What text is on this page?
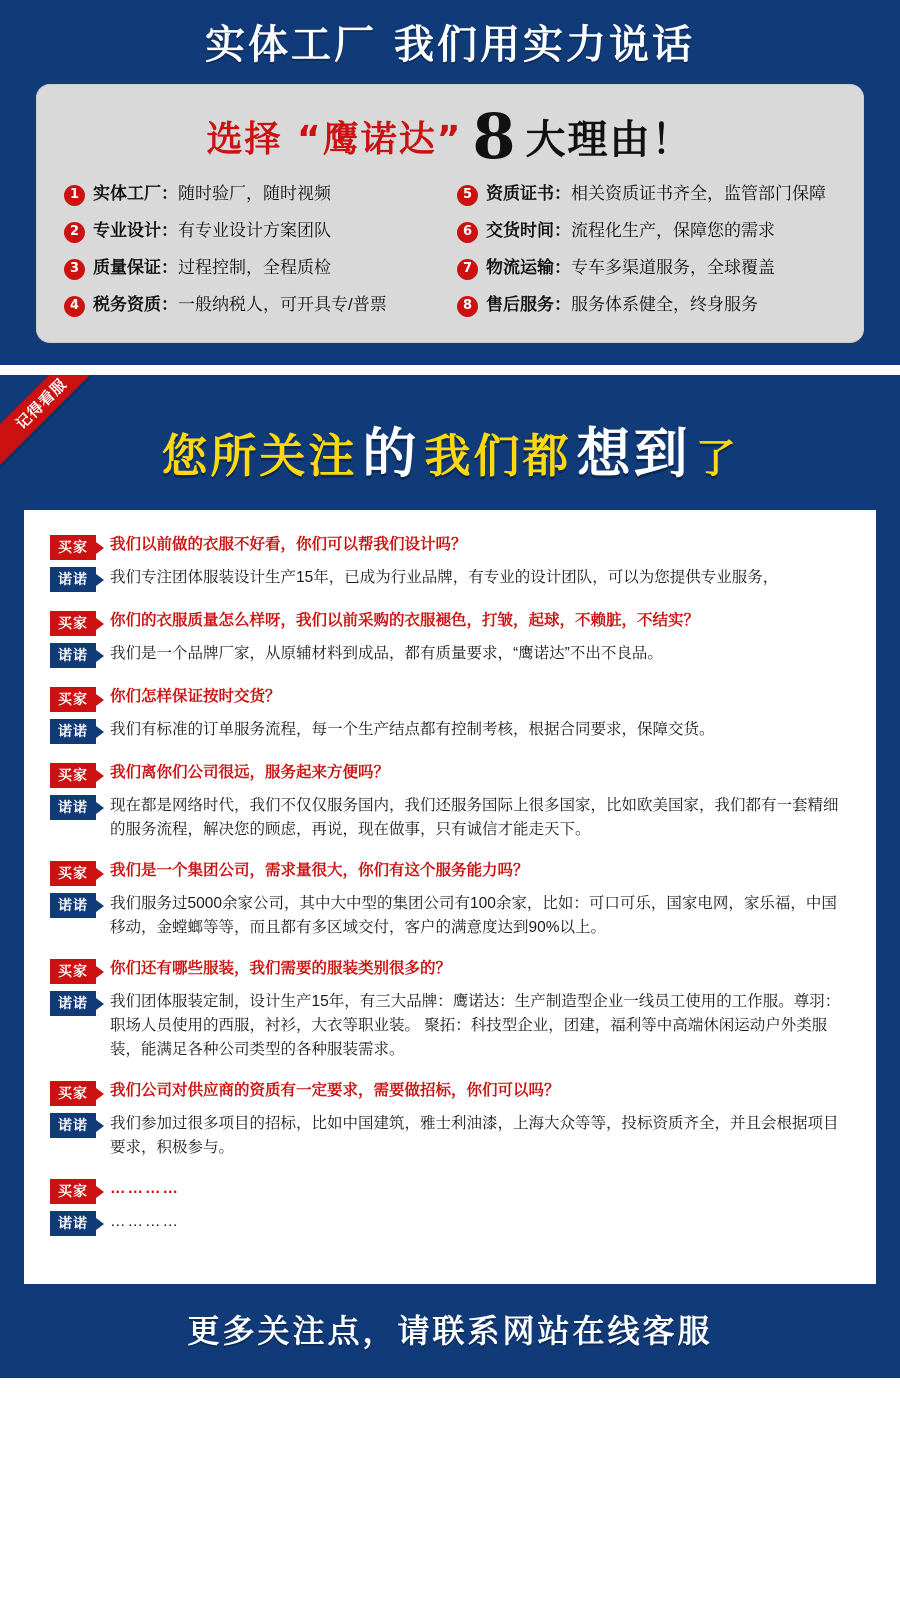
实体工厂 我们用实力说话
选择 “鹰诺达” 8 大理由！
1 实体工厂：随时验厂，随时视频	5 资质证书：相关资质证书齐全，监管部门保障
2 专业设计：有专业设计方案团队	6 交货时间：流程化生产，保障您的需求
3 质量保证：过程控制，全程质检	7 物流运输：专车多渠道服务，全球覆盖
4 税务资质：一般纳税人，可开具专/普票	8 售后服务：服务体系健全，终身服务
记得看服
您所关注 的 我们都 想到 了
买家	我们以前做的衣服不好看，你们可以帮我们设计吗？
诺诺	我们专注团体服装设计生产15年，已成为行业品牌，有专业的设计团队，可以为您提供专业服务，
买家	你们的衣服质量怎么样呀，我们以前采购的衣服褪色，打皱，起球，不赖脏，不结实？
诺诺	我们是一个品牌厂家，从原辅材料到成品，都有质量要求，“鹰诺达”不出不良品。
买家	你们怎样保证按时交货？
诺诺	我们有标准的订单服务流程，每一个生产结点都有控制考核，根据合同要求，保障交货。
买家	我们离你们公司很远，服务起来方便吗？
诺诺	现在都是网络时代，我们不仅仅服务国内，我们还服务国际上很多国家，比如欧美国家，我们都有一套精细的服务流程，解决您的顾虑，再说，现在做事，只有诚信才能走天下。
买家	我们是一个集团公司，需求量很大，你们有这个服务能力吗？
诺诺	我们服务过5000余家公司，其中大中型的集团公司有100余家，比如：可口可乐，国家电网，家乐福，中国移动，金螳螂等等，而且都有多区域交付，客户的满意度达到90%以上。
买家	你们还有哪些服装，我们需要的服装类别很多的？
诺诺	我们团体服装定制，设计生产15年，有三大品牌：鹰诺达：生产制造型企业一线员工使用的工作服。尊羽：职场人员使用的西服，衬衫，大衣等职业装。 聚拓：科技型企业，团建，福利等中高端休闲运动户外类服装，能满足各种公司类型的各种服装需求。
买家	我们公司对供应商的资质有一定要求，需要做招标，你们可以吗？
诺诺	我们参加过很多项目的招标，比如中国建筑，雅士利油漆，上海大众等等，投标资质齐全，并且会根据项目要求，积极参与。
买家	…………
诺诺	…………
更多关注点，请联系网站在线客服
